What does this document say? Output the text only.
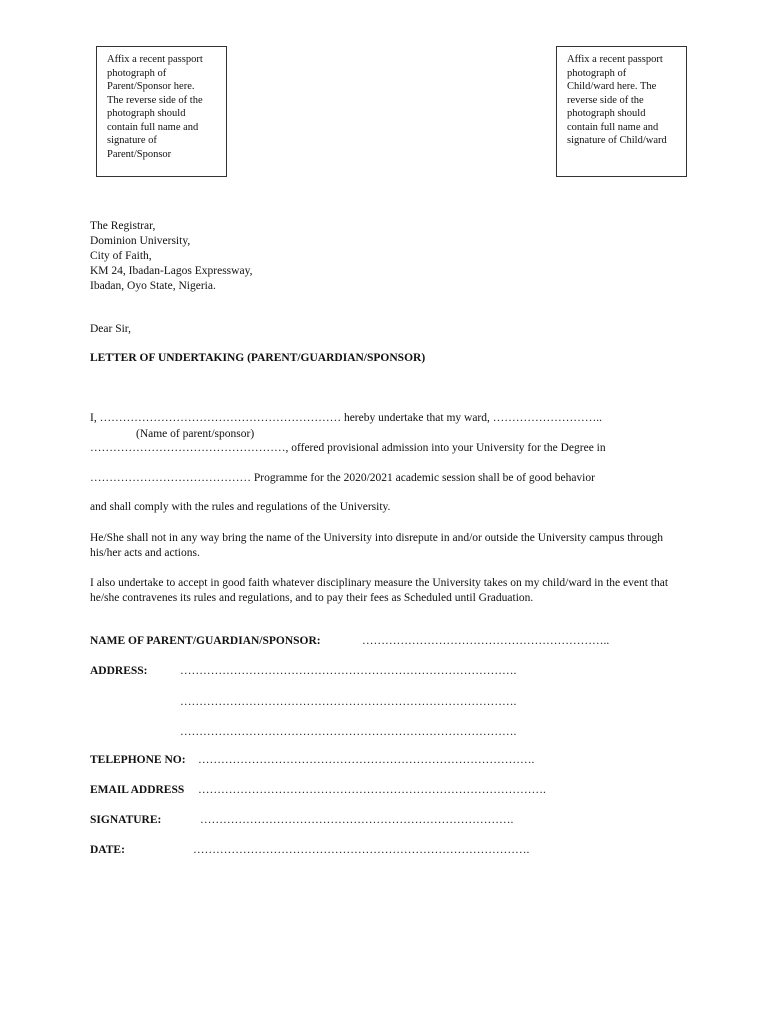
Affix a recent passport
photograph of
Parent/Sponsor here.
The reverse side of the
photograph should
contain full name and
signature of
Parent/Sponsor
Affix a recent passport
photograph of
Child/ward here. The
reverse side of the
photograph should
contain full name and
signature of Child/ward
The Registrar,
Dominion University,
City of Faith,
KM 24, Ibadan-Lagos Expressway,
Ibadan, Oyo State, Nigeria.
Dear Sir,
LETTER OF UNDERTAKING (PARENT/GUARDIAN/SPONSOR)
I, ……………………………………………………… hereby undertake that my ward, ………………………..
(Name of parent/sponsor)
……………………………………………, offered provisional admission into your University for the Degree in
…………………………………… Programme for the 2020/2021 academic session shall be of good behavior
and shall comply with the rules and regulations of the University.
He/She shall not in any way bring the name of the University into disrepute in and/or outside the University campus through his/her acts and actions.
I also undertake to accept in good faith whatever disciplinary measure the University takes on my child/ward in the event that he/she contravenes its rules and regulations, and to pay their fees as Scheduled until Graduation.
NAME OF PARENT/GUARDIAN/SPONSOR:	………………………………………………………..
ADDRESS:	…………………………………………………………………………….
…………………………………………………………………………….
…………………………………………………………………………….
TELEPHONE NO: …………………………………………………………………………….
EMAIL ADDRESS ……………………………………………………………………………….
SIGNATURE:	……………………………………………………………………….
DATE:	…………………………………………………………………………….
